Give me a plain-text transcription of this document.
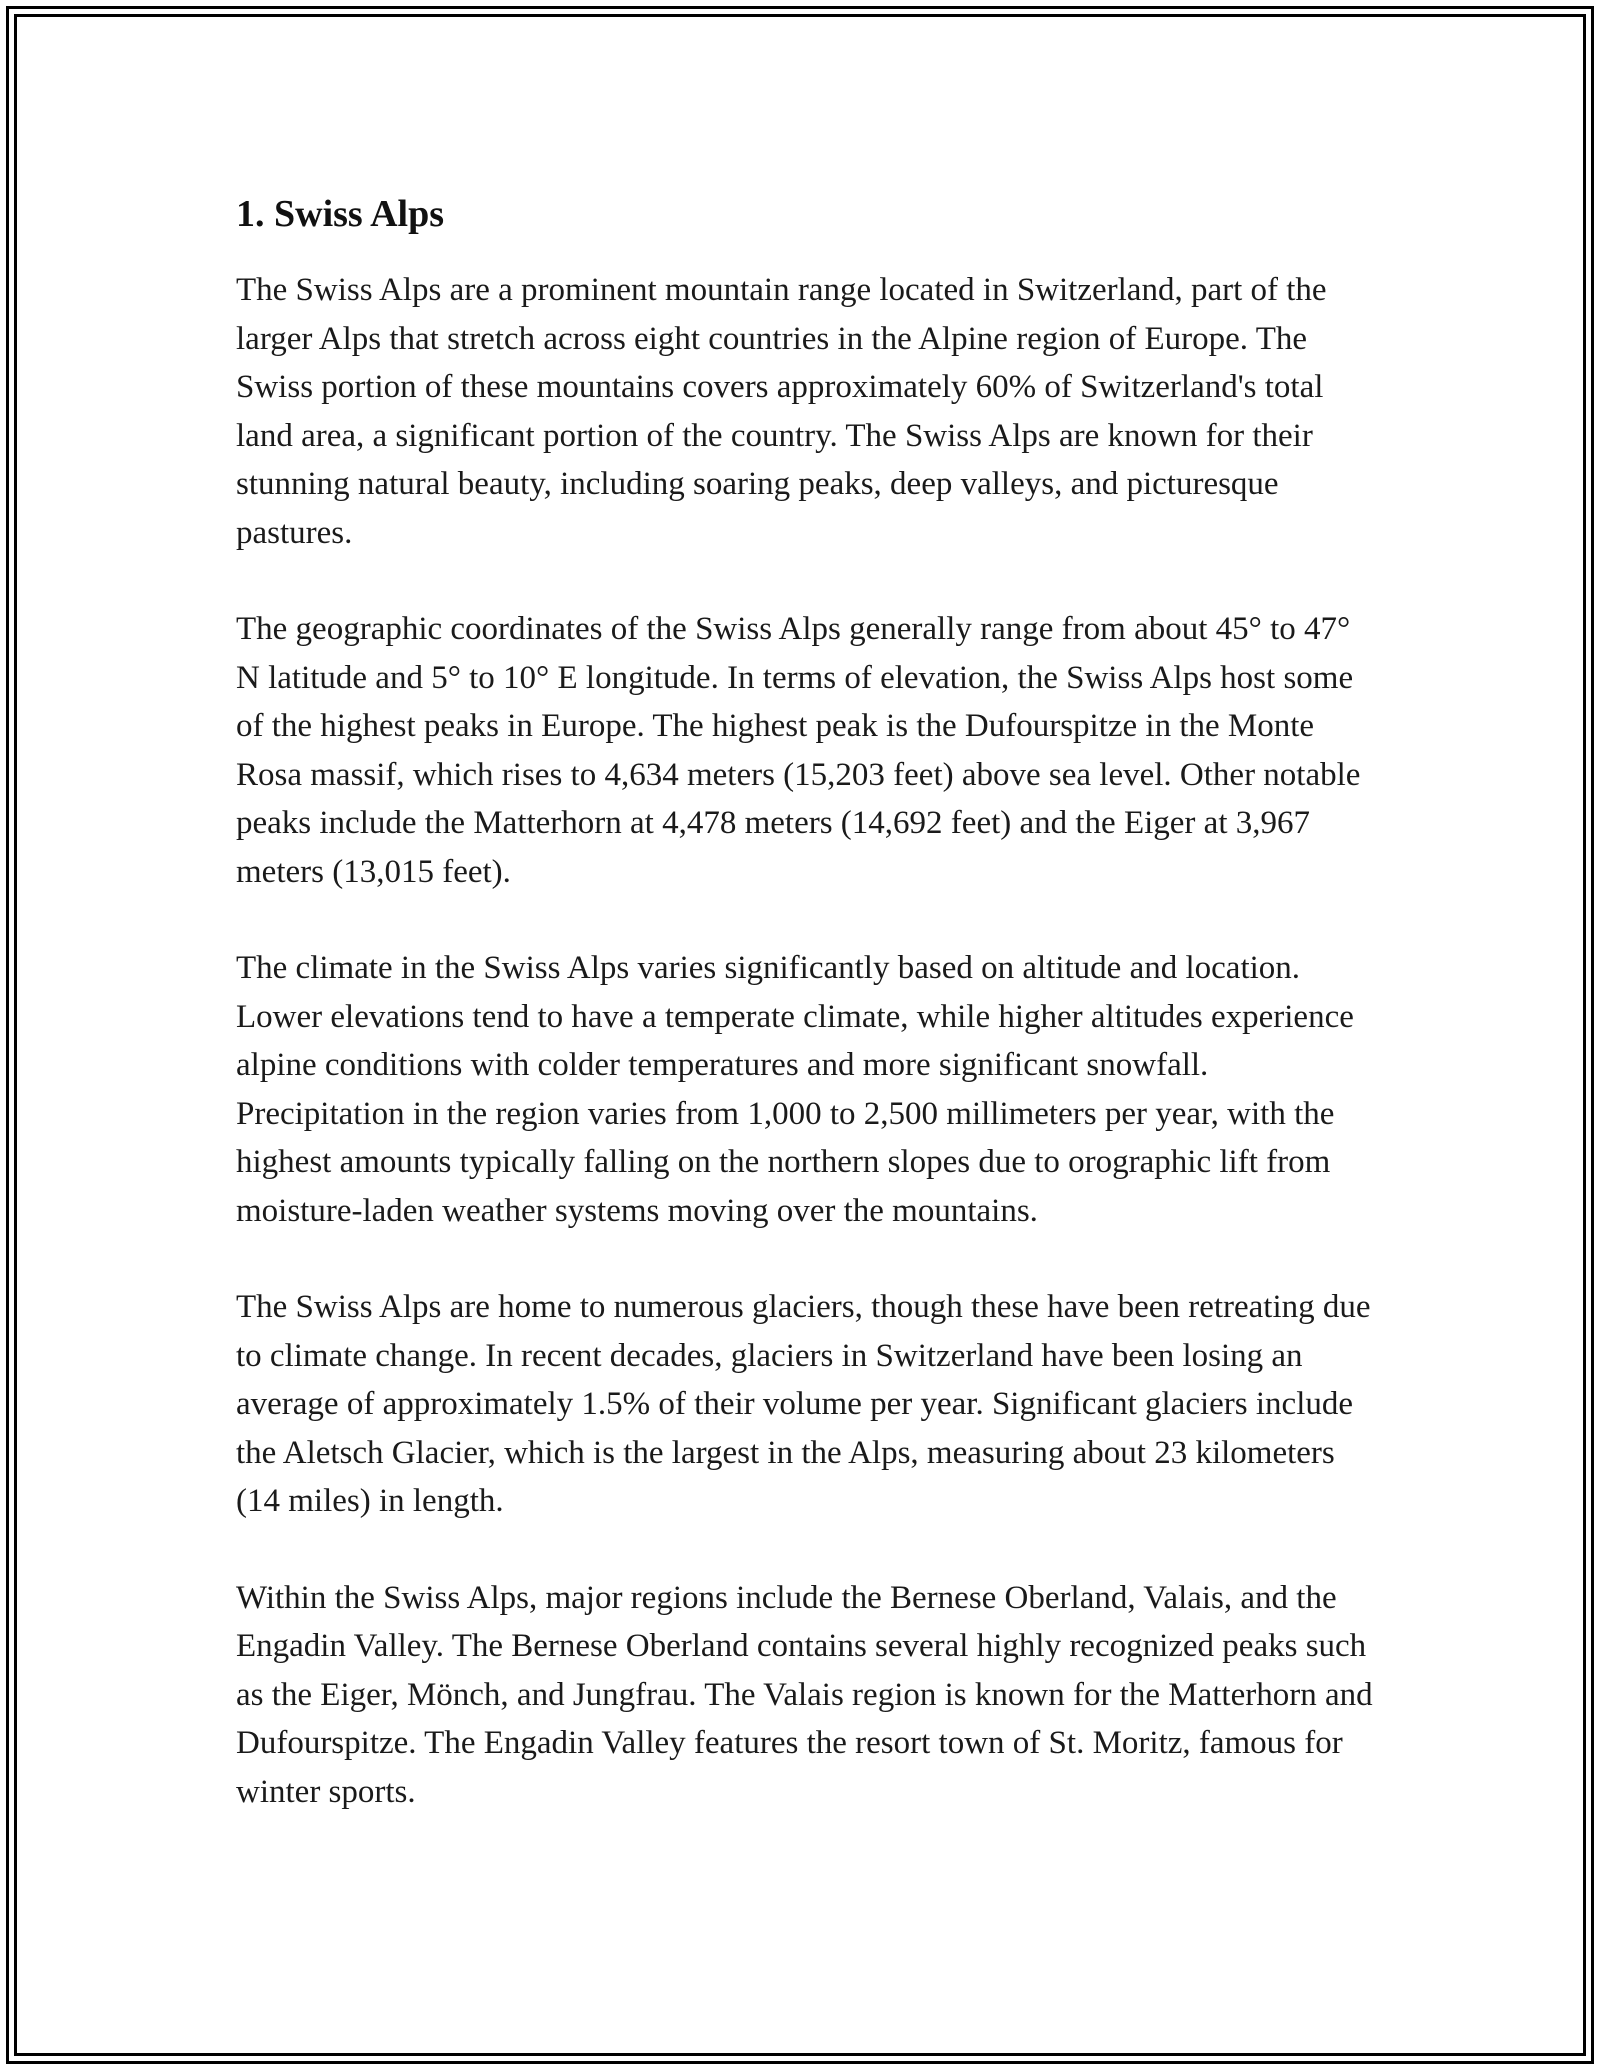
1. Swiss Alps

The Swiss Alps are a prominent mountain range located in Switzerland, part of the larger Alps that stretch across eight countries in the Alpine region of Europe. The Swiss portion of these mountains covers approximately 60% of Switzerland's total land area, a significant portion of the country. The Swiss Alps are known for their stunning natural beauty, including soaring peaks, deep valleys, and picturesque pastures.

The geographic coordinates of the Swiss Alps generally range from about 45° to 47° N latitude and 5° to 10° E longitude. In terms of elevation, the Swiss Alps host some of the highest peaks in Europe. The highest peak is the Dufourspitze in the Monte Rosa massif, which rises to 4,634 meters (15,203 feet) above sea level. Other notable peaks include the Matterhorn at 4,478 meters (14,692 feet) and the Eiger at 3,967 meters (13,015 feet).

The climate in the Swiss Alps varies significantly based on altitude and location. Lower elevations tend to have a temperate climate, while higher altitudes experience alpine conditions with colder temperatures and more significant snowfall. Precipitation in the region varies from 1,000 to 2,500 millimeters per year, with the highest amounts typically falling on the northern slopes due to orographic lift from moisture-laden weather systems moving over the mountains.

The Swiss Alps are home to numerous glaciers, though these have been retreating due to climate change. In recent decades, glaciers in Switzerland have been losing an average of approximately 1.5% of their volume per year. Significant glaciers include the Aletsch Glacier, which is the largest in the Alps, measuring about 23 kilometers (14 miles) in length.

Within the Swiss Alps, major regions include the Bernese Oberland, Valais, and the Engadin Valley. The Bernese Oberland contains several highly recognized peaks such as the Eiger, Mönch, and Jungfrau. The Valais region is known for the Matterhorn and Dufourspitze. The Engadin Valley features the resort town of St. Moritz, famous for winter sports.
